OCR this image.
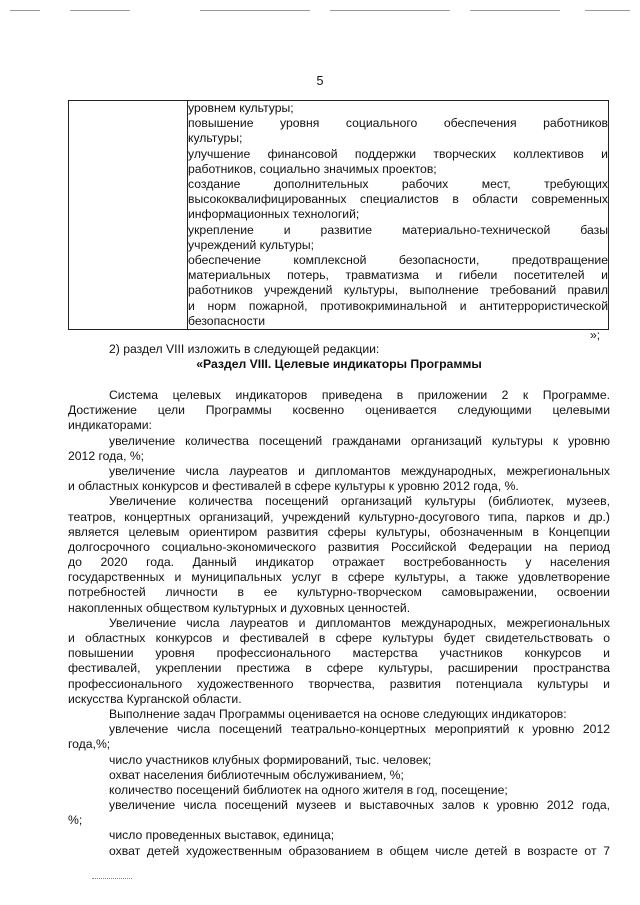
5

уровнем культуры;
повышение уровня социального обеспечения работников
культуры;
улучшение финансовой поддержки творческих коллективов и
работников, социально значимых проектов;
создание дополнительных рабочих мест, требующих
высококвалифицированных специалистов в области современных
информационных технологий;
укрепление и развитие материально-технической базы
учреждений культуры;
обеспечение комплексной безопасности, предотвращение
материальных потерь, травматизма и гибели посетителей и
работников учреждений культуры, выполнение требований правил
и норм пожарной, противокриминальной и антитеррористической
безопасности
»;
2) раздел VIII изложить в следующей редакции:
«Раздел VIII. Целевые индикаторы Программы
Система целевых индикаторов приведена в приложении 2 к Программе.
Достижение цели Программы косвенно оценивается следующими целевыми
индикаторами:
увеличение количества посещений гражданами организаций культуры к уровню
2012 года, %;
увеличение числа лауреатов и дипломантов международных, межрегиональных
и областных конкурсов и фестивалей в сфере культуры к уровню 2012 года, %.
Увеличение количества посещений организаций культуры (библиотек, музеев,
театров, концертных организаций, учреждений культурно-досугового типа, парков и др.)
является целевым ориентиром развития сферы культуры, обозначенным в Концепции
долгосрочного социально-экономического развития Российской Федерации на период
до 2020 года. Данный индикатор отражает востребованность у населения
государственных и муниципальных услуг в сфере культуры, а также удовлетворение
потребностей личности в ее культурно-творческом самовыражении, освоении
накопленных обществом культурных и духовных ценностей.
Увеличение числа лауреатов и дипломантов международных, межрегиональных
и областных конкурсов и фестивалей в сфере культуры будет свидетельствовать о
повышении уровня профессионального мастерства участников конкурсов и
фестивалей, укреплении престижа в сфере культуры, расширении пространства
профессионального художественного творчества, развития потенциала культуры и
искусства Курганской области.
Выполнение задач Программы оценивается на основе следующих индикаторов:
увлечение числа посещений театрально-концертных мероприятий к уровню 2012
года,%;
число участников клубных формирований, тыс. человек;
охват населения библиотечным обслуживанием, %;
количество посещений библиотек на одного жителя в год, посещение;
увеличение числа посещений музеев и выставочных залов к уровню 2012 года,
%;
число проведенных выставок, единица;
охват детей художественным образованием в общем числе детей в возрасте от 7
